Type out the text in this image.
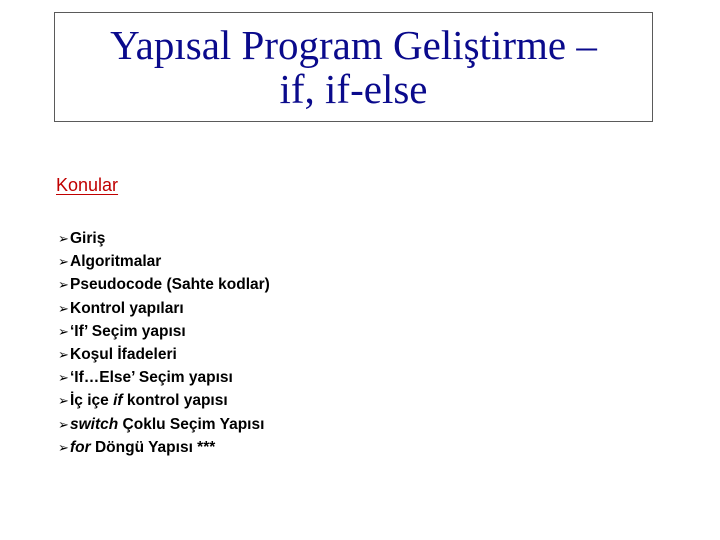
Yapısal Program Geliştirme –
if, if-else
Konular
➢
Giriş
➢
Algoritmalar
➢
Pseudocode (Sahte kodlar)
➢
Kontrol yapıları
➢
‘If’ Seçim yapısı
➢
Koşul İfadeleri
➢
‘If…Else’ Seçim yapısı
➢
İç içe if kontrol yapısı
➢
switch Çoklu Seçim Yapısı
➢
for Döngü Yapısı ***
